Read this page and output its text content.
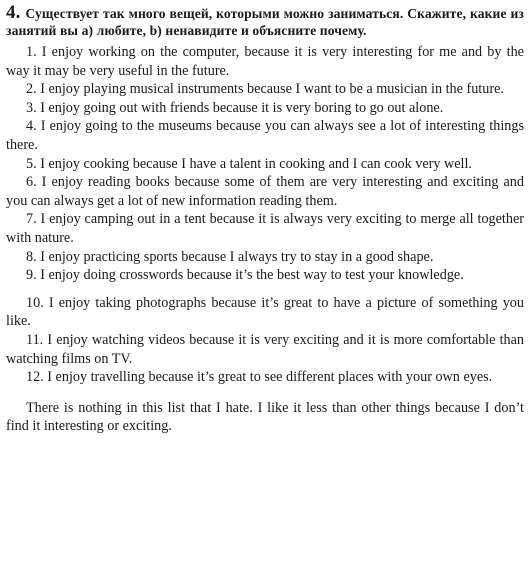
4. Существует так много вещей, которыми можно заниматься. Скажите, какие из занятий вы а) любите, b) ненавидите и объясните почему.

1. I enjoy working on the computer, because it is very interesting for me and by the way it may be very useful in the future.

2. I enjoy playing musical instruments because I want to be a musician in the future.

3. I enjoy going out with friends because it is very boring to go out alone.

4. I enjoy going to the museums because you can always see a lot of interesting things there.

5. I enjoy cooking because I have a talent in cooking and I can cook very well.

6. I enjoy reading books because some of them are very interesting and exciting and you can always get a lot of new information reading them.

7. I enjoy camping out in a tent because it is always very exciting to merge all together with nature.

8. I enjoy practicing sports because I always try to stay in a good shape.

9. I enjoy doing crosswords because it’s the best way to test your knowledge.

10. I enjoy taking photographs because it’s great to have a picture of something you like.

11. I enjoy watching videos because it is very exciting and it is more comfortable than watching films on TV.

12. I enjoy travelling because it’s great to see different places with your own eyes.

There is nothing in this list that I hate. I like it less than other things because I don’t find it interesting or exciting.
